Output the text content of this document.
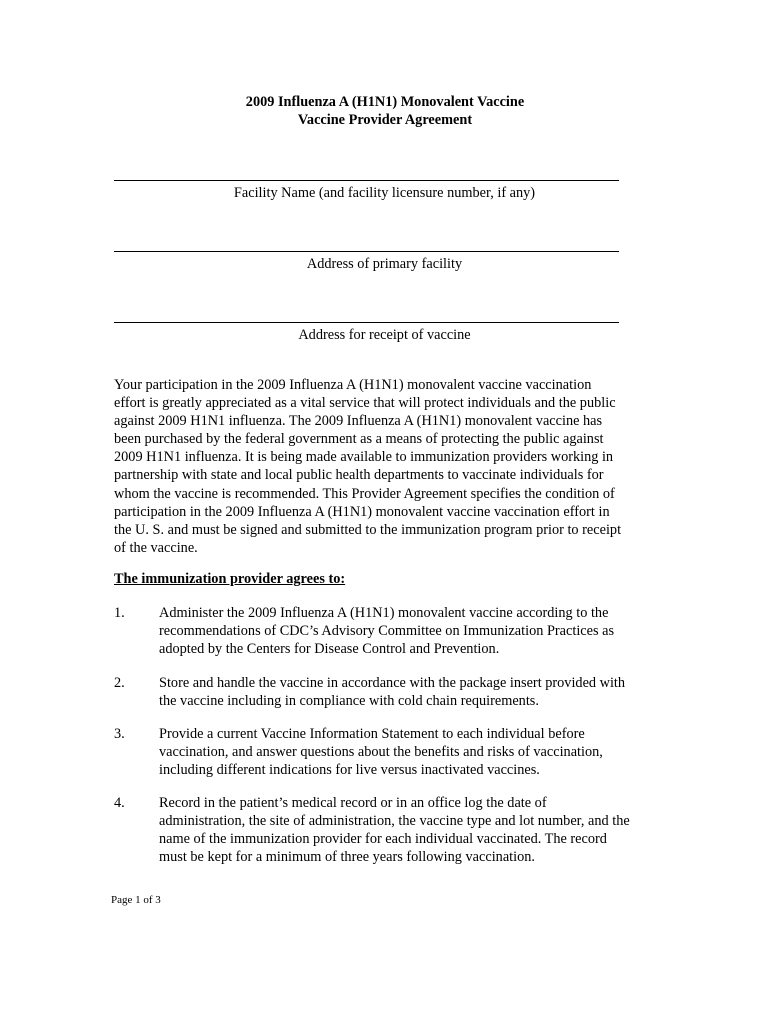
2009 Influenza A (H1N1) Monovalent Vaccine
Vaccine Provider Agreement
Facility Name (and facility licensure number, if any)
Address of primary facility
Address for receipt of vaccine

Your participation in the 2009 Influenza A (H1N1) monovalent vaccine vaccination
effort is greatly appreciated as a vital service that will protect individuals and the public
against 2009 H1N1 influenza. The 2009 Influenza A (H1N1) monovalent vaccine has
been purchased by the federal government as a means of protecting the public against
2009 H1N1 influenza. It is being made available to immunization providers working in
partnership with state and local public health departments to vaccinate individuals for
whom the vaccine is recommended. This Provider Agreement specifies the condition of
participation in the 2009 Influenza A (H1N1) monovalent vaccine vaccination effort in
the U. S. and must be signed and submitted to the immunization program prior to receipt
of the vaccine.

The immunization provider agrees to:

1. Administer the 2009 Influenza A (H1N1) monovalent vaccine according to the
recommendations of CDC’s Advisory Committee on Immunization Practices as
adopted by the Centers for Disease Control and Prevention.
2. Store and handle the vaccine in accordance with the package insert provided with
the vaccine including in compliance with cold chain requirements.
3. Provide a current Vaccine Information Statement to each individual before
vaccination, and answer questions about the benefits and risks of vaccination,
including different indications for live versus inactivated vaccines.
4. Record in the patient’s medical record or in an office log the date of
administration, the site of administration, the vaccine type and lot number, and the
name of the immunization provider for each individual vaccinated. The record
must be kept for a minimum of three years following vaccination.
Page 1 of 3
